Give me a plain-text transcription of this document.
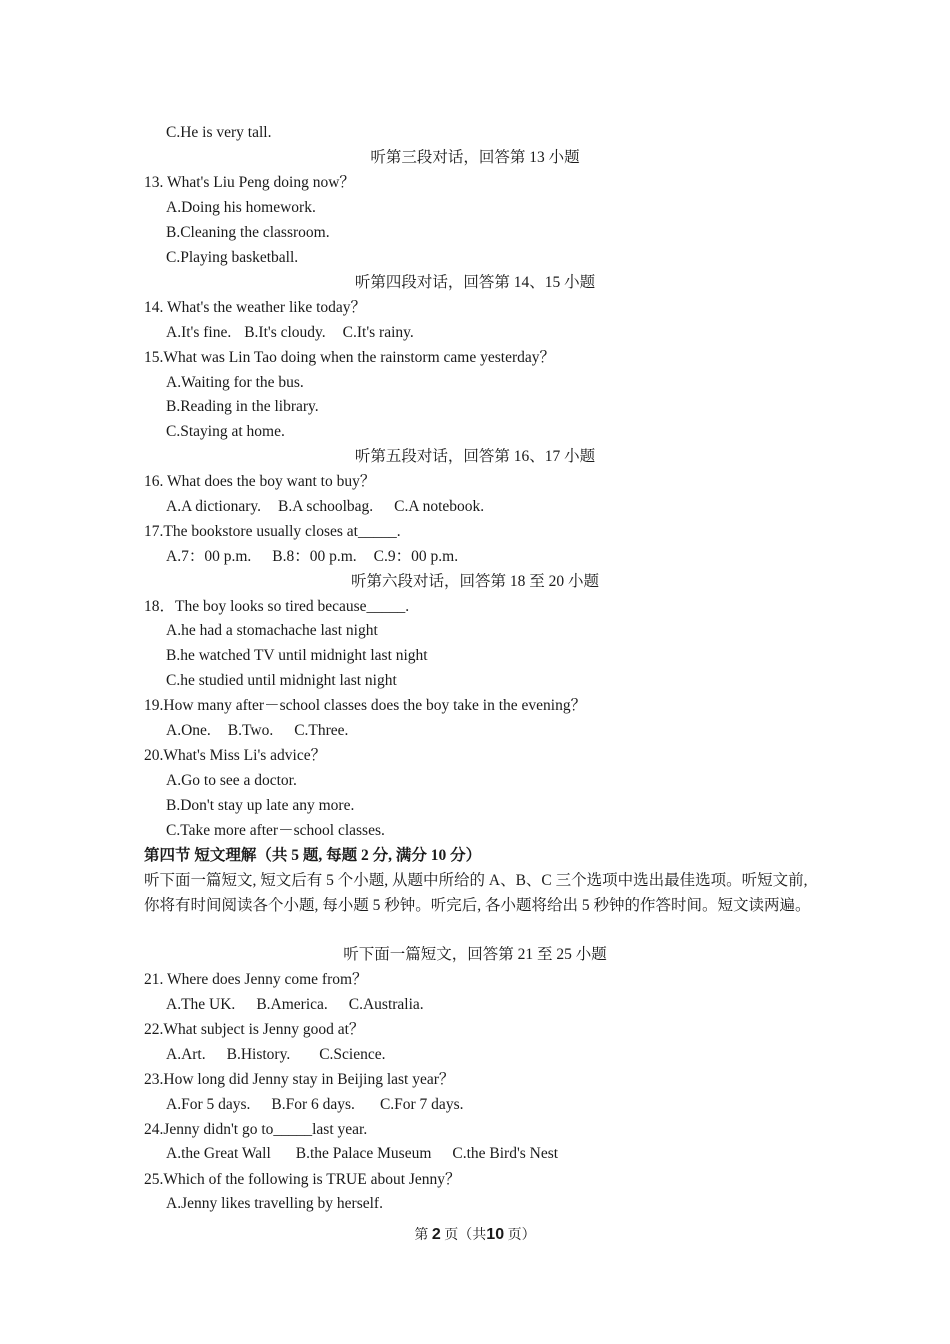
C.He is very tall.
听第三段对话，回答第 13 小题
13. What's Liu Peng doing now？
A.Doing his homework.
B.Cleaning the classroom.
C.Playing basketball.
听第四段对话，回答第 14、15 小题
14. What's the weather like today？
A.It's fine. B.It's cloudy. C.It's rainy.
15.What was Lin Tao doing when the rainstorm came yesterday？
A.Waiting for the bus.
B.Reading in the library.
C.Staying at home.
听第五段对话，回答第 16、17 小题
16. What does the boy want to buy？
A.A dictionary. B.A schoolbag. C.A notebook.
17.The bookstore usually closes at_____.
A.7：00 p.m. B.8：00 p.m. C.9：00 p.m.
听第六段对话，回答第 18 至 20 小题
18．The boy looks so tired because_____.
A.he had a stomachache last night
B.he watched TV until midnight last night
C.he studied until midnight last night
19.How many after－school classes does the boy take in the evening？
A.One. B.Two. C.Three.
20.What's Miss Li's advice？
A.Go to see a doctor.
B.Don't stay up late any more.
C.Take more after－school classes.
第四节 短文理解（共 5 题, 每题 2 分, 满分 10 分）
听下面一篇短文, 短文后有 5 个小题, 从题中所给的 A、B、C 三个选项中选出最佳选项。听短文前, 你将有时间阅读各个小题, 每小题 5 秒钟。听完后, 各小题将给出 5 秒钟的作答时间。短文读两遍。
听下面一篇短文，回答第 21 至 25 小题
21. Where does Jenny come from？
A.The UK. B.America. C.Australia.
22.What subject is Jenny good at？
A.Art. B.History. C.Science.
23.How long did Jenny stay in Beijing last year？
A.For 5 days. B.For 6 days. C.For 7 days.
24.Jenny didn't go to_____last year.
A.the Great Wall B.the Palace Museum C.the Bird's Nest
25.Which of the following is TRUE about Jenny？
A.Jenny likes travelling by herself.
第 2 页（共10 页）
